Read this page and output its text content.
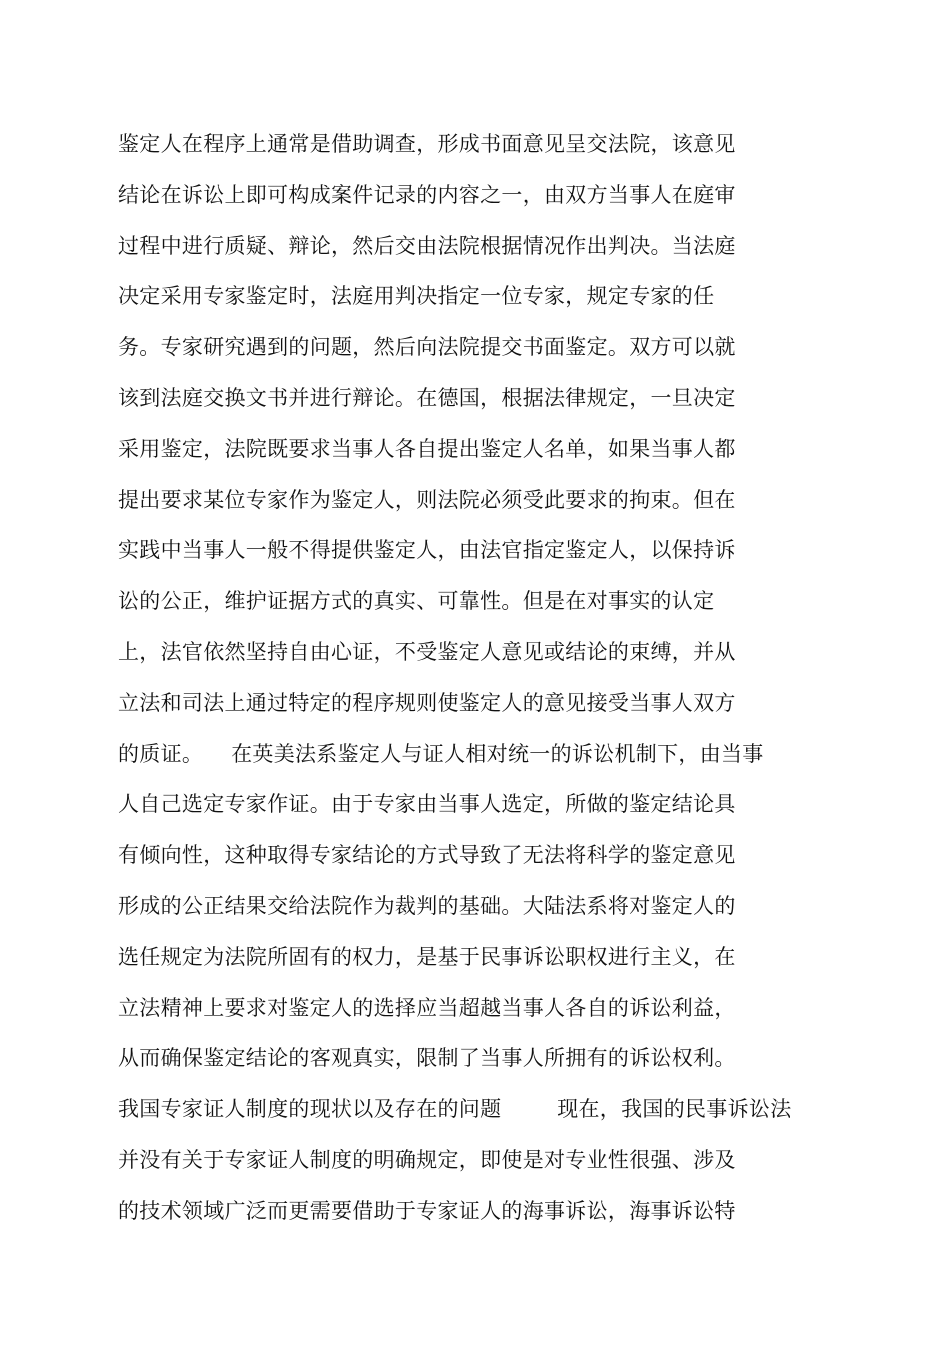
鉴定人在程序上通常是借助调查，形成书面意见呈交法院，该意见
结论在诉讼上即可构成案件记录的内容之一，由双方当事人在庭审
过程中进行质疑、辩论，然后交由法院根据情况作出判决。当法庭
决定采用专家鉴定时，法庭用判决指定一位专家，规定专家的任
务。专家研究遇到的问题，然后向法院提交书面鉴定。双方可以就
该到法庭交换文书并进行辩论。在德国，根据法律规定，一旦决定
采用鉴定，法院既要求当事人各自提出鉴定人名单，如果当事人都
提出要求某位专家作为鉴定人，则法院必须受此要求的拘束。但在
实践中当事人一般不得提供鉴定人，由法官指定鉴定人，以保持诉
讼的公正，维护证据方式的真实、可靠性。但是在对事实的认定
上，法官依然坚持自由心证，不受鉴定人意见或结论的束缚，并从
立法和司法上通过特定的程序规则使鉴定人的意见接受当事人双方
的质证。    在英美法系鉴定人与证人相对统一的诉讼机制下，由当事
人自己选定专家作证。由于专家由当事人选定，所做的鉴定结论具
有倾向性，这种取得专家结论的方式导致了无法将科学的鉴定意见
形成的公正结果交给法院作为裁判的基础。大陆法系将对鉴定人的
选任规定为法院所固有的权力，是基于民事诉讼职权进行主义，在
立法精神上要求对鉴定人的选择应当超越当事人各自的诉讼利益，
从而确保鉴定结论的客观真实，限制了当事人所拥有的诉讼权利。
我国专家证人制度的现状以及存在的问题        现在，我国的民事诉讼法
并没有关于专家证人制度的明确规定，即使是对专业性很强、涉及
的技术领域广泛而更需要借助于专家证人的海事诉讼，海事诉讼特
